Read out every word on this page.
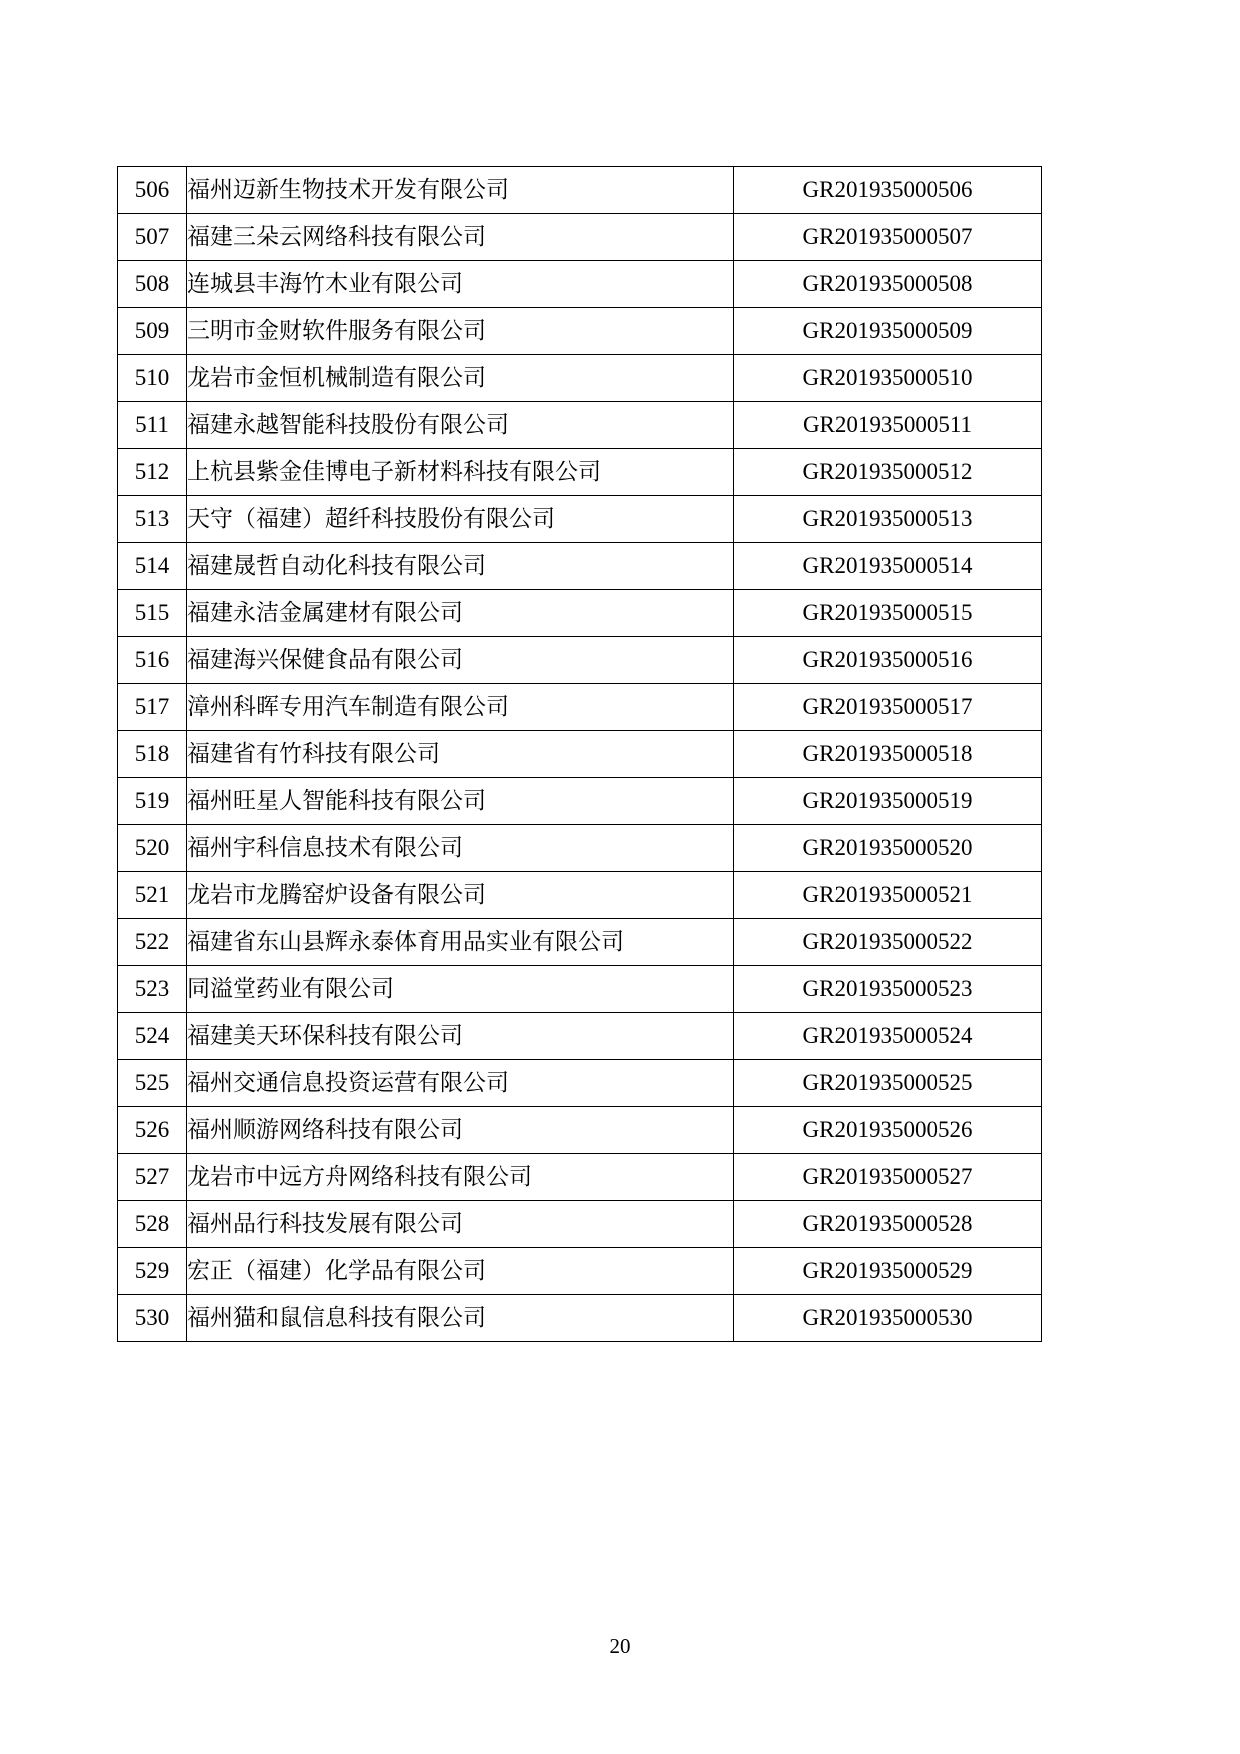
506	福州迈新生物技术开发有限公司	GR201935000506
507	福建三朵云网络科技有限公司	GR201935000507
508	连城县丰海竹木业有限公司	GR201935000508
509	三明市金财软件服务有限公司	GR201935000509
510	龙岩市金恒机械制造有限公司	GR201935000510
511	福建永越智能科技股份有限公司	GR201935000511
512	上杭县紫金佳博电子新材料科技有限公司	GR201935000512
513	天守（福建）超纤科技股份有限公司	GR201935000513
514	福建晟哲自动化科技有限公司	GR201935000514
515	福建永洁金属建材有限公司	GR201935000515
516	福建海兴保健食品有限公司	GR201935000516
517	漳州科晖专用汽车制造有限公司	GR201935000517
518	福建省有竹科技有限公司	GR201935000518
519	福州旺星人智能科技有限公司	GR201935000519
520	福州宇科信息技术有限公司	GR201935000520
521	龙岩市龙腾窑炉设备有限公司	GR201935000521
522	福建省东山县辉永泰体育用品实业有限公司	GR201935000522
523	同溢堂药业有限公司	GR201935000523
524	福建美天环保科技有限公司	GR201935000524
525	福州交通信息投资运营有限公司	GR201935000525
526	福州顺游网络科技有限公司	GR201935000526
527	龙岩市中远方舟网络科技有限公司	GR201935000527
528	福州品行科技发展有限公司	GR201935000528
529	宏正（福建）化学品有限公司	GR201935000529
530	福州猫和鼠信息科技有限公司	GR201935000530
20
